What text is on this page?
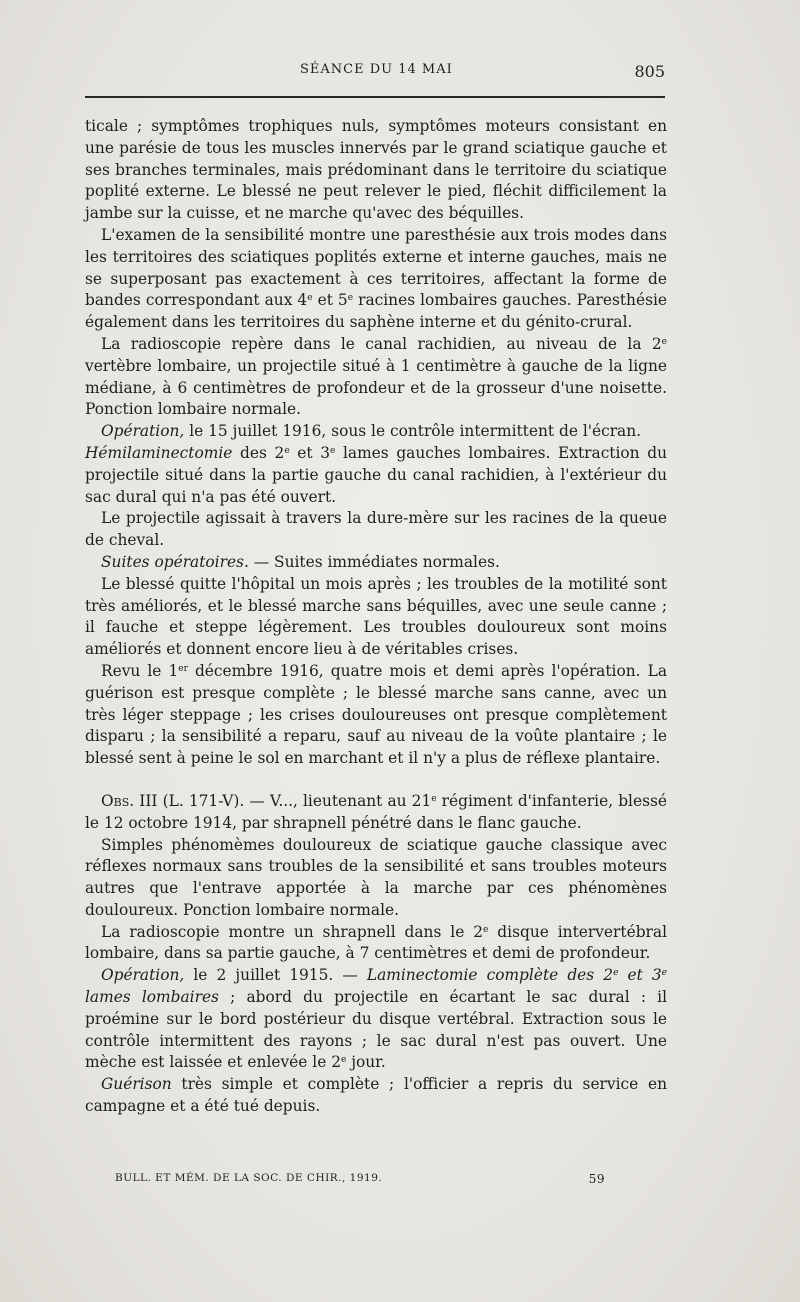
SÉANCE DU 14 MAI	805

ticale ; symptômes trophiques nuls, symptômes moteurs consistant en une parésie de tous les muscles innervés par le grand sciatique gauche et ses branches terminales, mais prédominant dans le territoire du sciatique poplité externe. Le blessé ne peut relever le pied, fléchit difficilement la jambe sur la cuisse, et ne marche qu'avec des béquilles.

L'examen de la sensibilité montre une paresthésie aux trois modes dans les territoires des sciatiques poplités externe et interne gauches, mais ne se superposant pas exactement à ces territoires, affectant la forme de bandes correspondant aux 4e et 5e racines lombaires gauches. Paresthésie également dans les territoires du saphène interne et du génito-crural.

La radioscopie repère dans le canal rachidien, au niveau de la 2e vertèbre lombaire, un projectile situé à 1 centimètre à gauche de la ligne médiane, à 6 centimètres de profondeur et de la grosseur d'une noisette. Ponction lombaire normale.

Opération, le 15 juillet 1916, sous le contrôle intermittent de l'écran.

Hémilaminectomie des 2e et 3e lames gauches lombaires. Extraction du projectile situé dans la partie gauche du canal rachidien, à l'extérieur du sac dural qui n'a pas été ouvert.

Le projectile agissait à travers la dure-mère sur les racines de la queue de cheval.

Suites opératoires. — Suites immédiates normales.

Le blessé quitte l'hôpital un mois après ; les troubles de la motilité sont très améliorés, et le blessé marche sans béquilles, avec une seule canne ; il fauche et steppe légèrement. Les troubles douloureux sont moins améliorés et donnent encore lieu à de véritables crises.

Revu le 1er décembre 1916, quatre mois et demi après l'opération. La guérison est presque complète ; le blessé marche sans canne, avec un très léger steppage ; les crises douloureuses ont presque complètement disparu ; la sensibilité a reparu, sauf au niveau de la voûte plantaire ; le blessé sent à peine le sol en marchant et il n'y a plus de réflexe plantaire.

Obs. III (L. 171-V). — V..., lieutenant au 21e régiment d'infanterie, blessé le 12 octobre 1914, par shrapnell pénétré dans le flanc gauche.

Simples phénomèmes douloureux de sciatique gauche classique avec réflexes normaux sans troubles de la sensibilité et sans troubles moteurs autres que l'entrave apportée à la marche par ces phénomènes douloureux. Ponction lombaire normale.

La radioscopie montre un shrapnell dans le 2e disque intervertébral lombaire, dans sa partie gauche, à 7 centimètres et demi de profondeur.

Opération, le 2 juillet 1915. — Laminectomie complète des 2e et 3e lames lombaires ; abord du projectile en écartant le sac dural : il proémine sur le bord postérieur du disque vertébral. Extraction sous le contrôle intermittent des rayons ; le sac dural n'est pas ouvert. Une mèche est laissée et enlevée le 2e jour.

Guérison très simple et complète ; l'officier a repris du service en campagne et a été tué depuis.

BULL. ET MÉM. DE LA SOC. DE CHIR., 1919.	59
